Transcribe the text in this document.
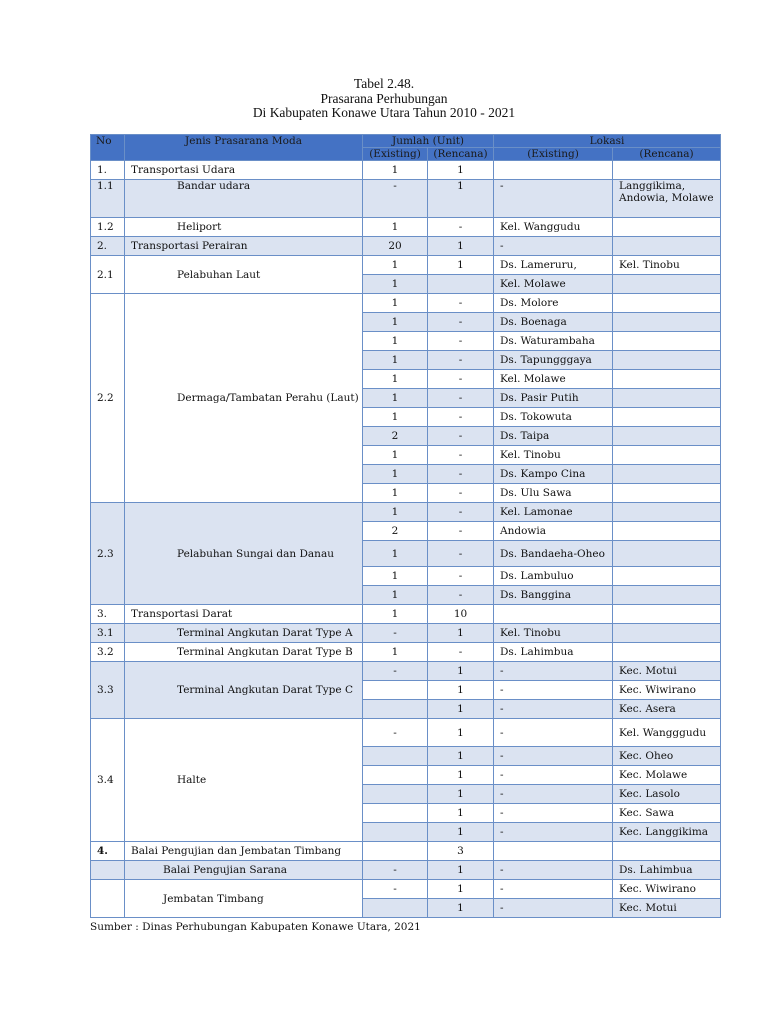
Tabel 2.48.
Prasarana Perhubungan
Di Kabupaten Konawe Utara Tahun 2010 - 2021
No	Jenis Prasarana Moda	Jumlah (Unit)		Lokasi	
		(Existing)	(Rencana)	(Existing)	(Rencana)
1.	Transportasi Udara	1	1		
1.1	Bandar udara	-	1	-	Langgikima, Andowia, Molawe
1.2	Heliport	1	-	Kel. Wanggudu	
2.	Transportasi Perairan	20	1	-	
2.1	Pelabuhan Laut	1	1	Ds. Lameruru,	Kel. Tinobu
		1		Kel. Molawe	
2.2	Dermaga/Tambatan Perahu (Laut)	1	-	Ds. Molore	
		1	-	Ds. Boenaga	
		1	-	Ds. Waturambaha	
		1	-	Ds. Tapungggaya	
		1	-	Kel. Molawe	
		1	-	Ds. Pasir Putih	
		1	-	Ds. Tokowuta	
		2	-	Ds. Taipa	
		1	-	Kel. Tinobu	
		1	-	Ds. Kampo Cina	
		1	-	Ds. Ulu Sawa	
2.3	Pelabuhan Sungai dan Danau	1	-	Kel. Lamonae	
		2	-	Andowia	
		1	-	Ds. Bandaeha-Oheo	
		1	-	Ds. Lambuluo	
		1	-	Ds. Banggina	
3.	Transportasi Darat	1	10		
3.1	Terminal Angkutan Darat Type A	-	1	Kel. Tinobu	
3.2	Terminal Angkutan Darat Type B	1	-	Ds. Lahimbua	
3.3	Terminal Angkutan Darat Type C	-	1	-	Kec. Motui
			1	-	Kec. Wiwirano
			1	-	Kec. Asera
3.4	Halte	-	1	-	Kel. Wangggudu
			1	-	Kec. Oheo
			1	-	Kec. Molawe
			1	-	Kec. Lasolo
			1	-	Kec. Sawa
			1	-	Kec. Langgikima
4.	Balai Pengujian dan Jembatan Timbang		3		
	Balai Pengujian Sarana	-	1	-	Ds. Lahimbua
	Jembatan Timbang	-	1	-	Kec. Wiwirano
			1	-	Kec. Motui
Sumber : Dinas Perhubungan Kabupaten Konawe Utara, 2021
